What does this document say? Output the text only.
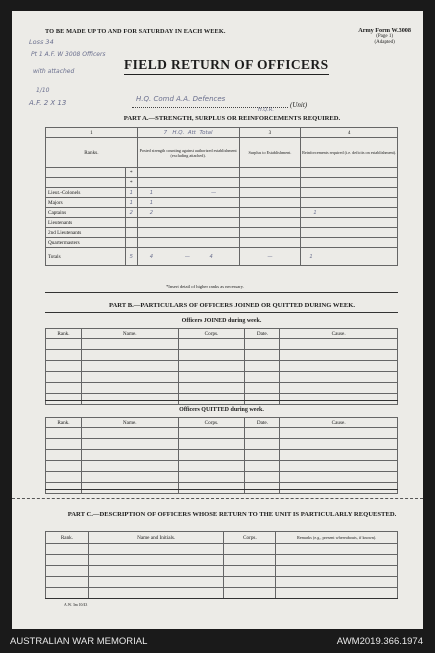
TO BE MADE UP TO AND FOR SATURDAY IN EACH WEEK.	Army Form W.3008
(Page 1)
(Adapted)
Loss 34
Pt 1 A.F. W 3008 Officers
with attached
1/10
A.F. 2 X 13
FIELD RETURN OF OFFICERS
H.Q. Comd A.A. Defences
H.Q.R.
(Unit)
PART A.—STRENGTH, SURPLUS OR REINFORCEMENTS REQUIRED.
1		7 H.Q. Att Total	3	4
Ranks.		Posted strength counting against authorized establishment (excluding attached).	Surplus to Establishment.	Reinforcements required (i.e. deficits on establishment).
	*			
	*			
Lieut.-Colonels	1	1 —		
Majors	1	1		
Captains	2	2		1
Lieutenants				
2nd Lieutenants				
Quartermasters				
Totals	5	4 — 4	—	1
*Insert detail of higher ranks as necessary.
PART B.—PARTICULARS OF OFFICERS JOINED OR QUITTED DURING WEEK.
Officers JOINED during week.
Rank.	Name.	Corps.	Date.	Cause.

Officers QUITTED during week.
Rank.	Name.	Corps.	Date.	Cause.

PART C.—DESCRIPTION OF OFFICERS WHOSE RETURN TO THE UNIT IS PARTICULARLY REQUESTED.
Rank.	Name and Initials.	Corps.	Remarks (e.g., present whereabouts, if known).

A.W. 3m 10/43
AUSTRALIAN WAR MEMORIAL	AWM2019.366.1974
